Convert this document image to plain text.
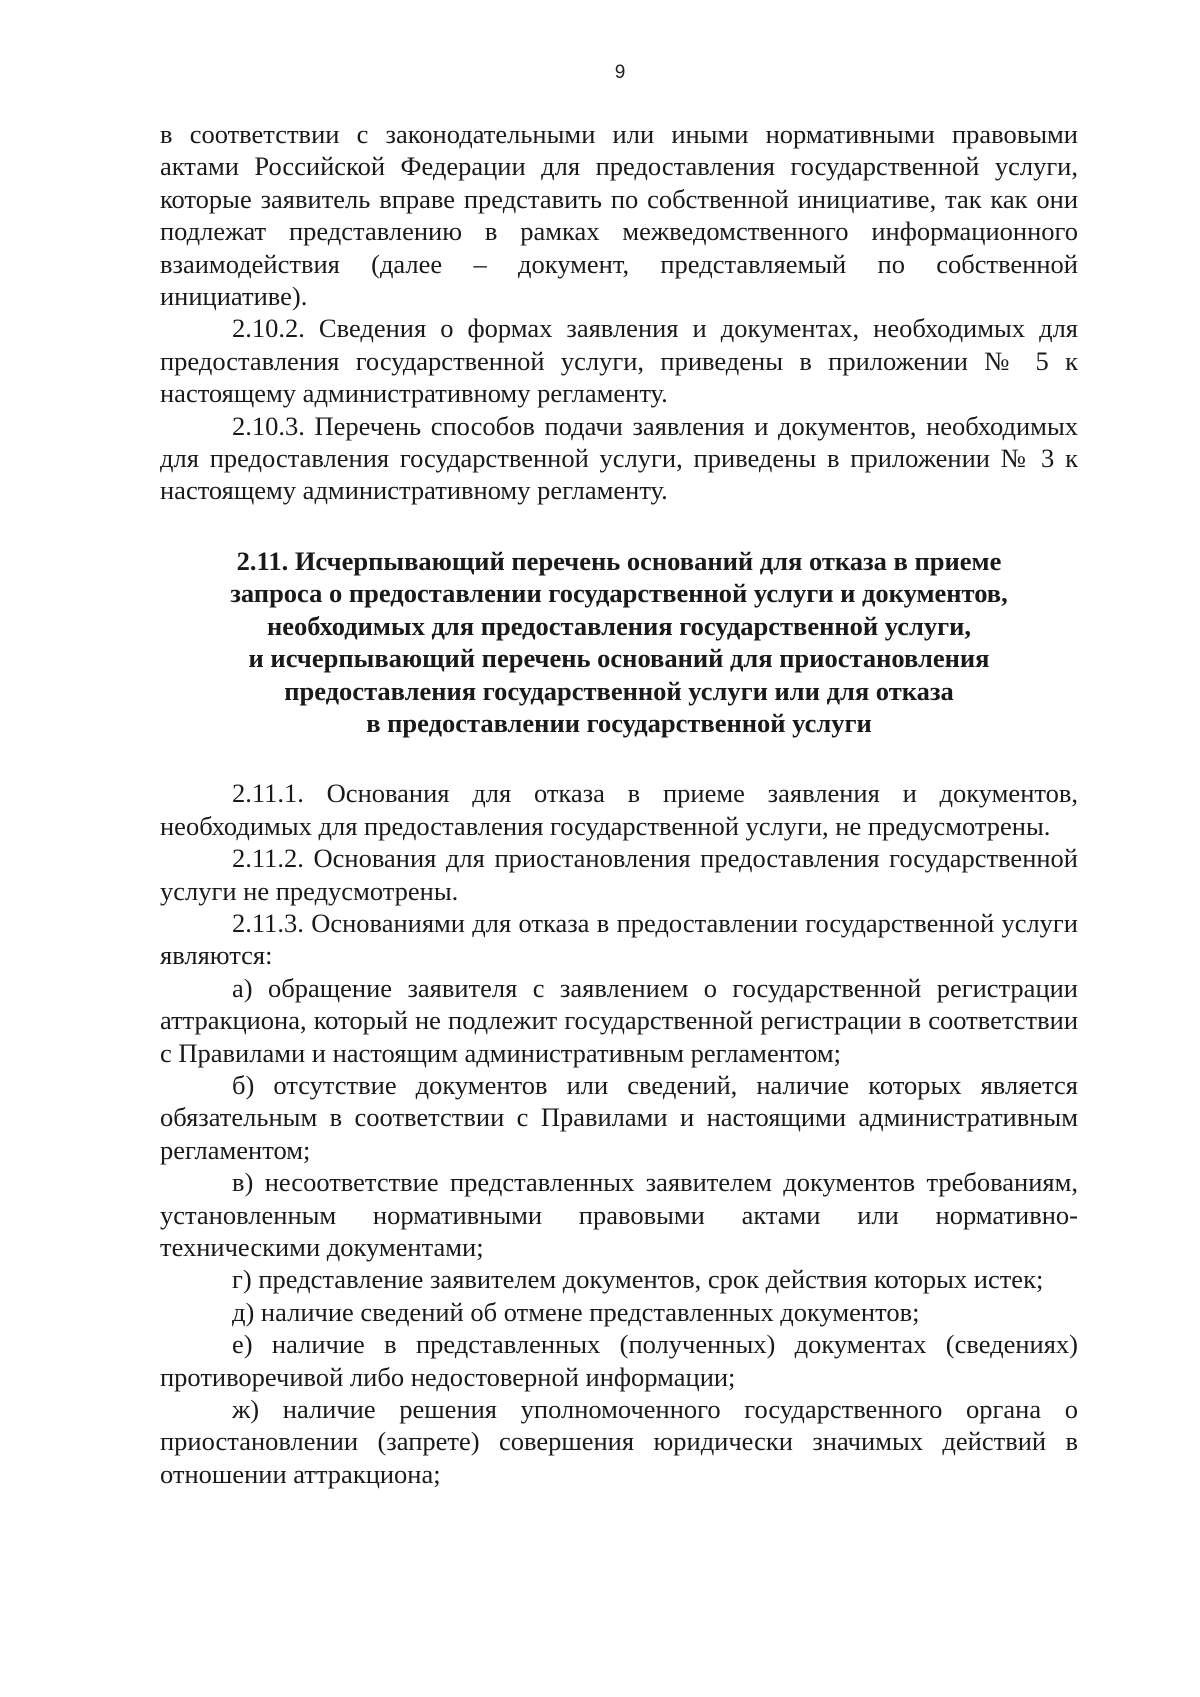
9

в соответствии с законодательными или иными нормативными правовыми актами Российской Федерации для предоставления государственной услуги, которые заявитель вправе представить по собственной инициативе, так как они подлежат представлению в рамках межведомственного информационного взаимодействия (далее – документ, представляемый по собственной инициативе).

2.10.2. Сведения о формах заявления и документах, необходимых для предоставления государственной услуги, приведены в приложении № 5 к настоящему административному регламенту.

2.10.3. Перечень способов подачи заявления и документов, необходимых для предоставления государственной услуги, приведены в приложении № 3 к настоящему административному регламенту.

2.11. Исчерпывающий перечень оснований для отказа в приеме
запроса о предоставлении государственной услуги и документов,
необходимых для предоставления государственной услуги,
и исчерпывающий перечень оснований для приостановления
предоставления государственной услуги или для отказа
в предоставлении государственной услуги

2.11.1. Основания для отказа в приеме заявления и документов, необходимых для предоставления государственной услуги, не предусмотрены.

2.11.2. Основания для приостановления предоставления государственной услуги не предусмотрены.

2.11.3. Основаниями для отказа в предоставлении государственной услуги являются:

а) обращение заявителя с заявлением о государственной регистрации аттракциона, который не подлежит государственной регистрации в соответствии с Правилами и настоящим административным регламентом;

б) отсутствие документов или сведений, наличие которых является обязательным в соответствии с Правилами и настоящими административным регламентом;

в) несоответствие представленных заявителем документов требованиям, установленным нормативными правовыми актами или нормативно-техническими документами;

г) представление заявителем документов, срок действия которых истек;

д) наличие сведений об отмене представленных документов;

е) наличие в представленных (полученных) документах (сведениях) противоречивой либо недостоверной информации;

ж) наличие решения уполномоченного государственного органа о приостановлении (запрете) совершения юридически значимых действий в отношении аттракциона;
